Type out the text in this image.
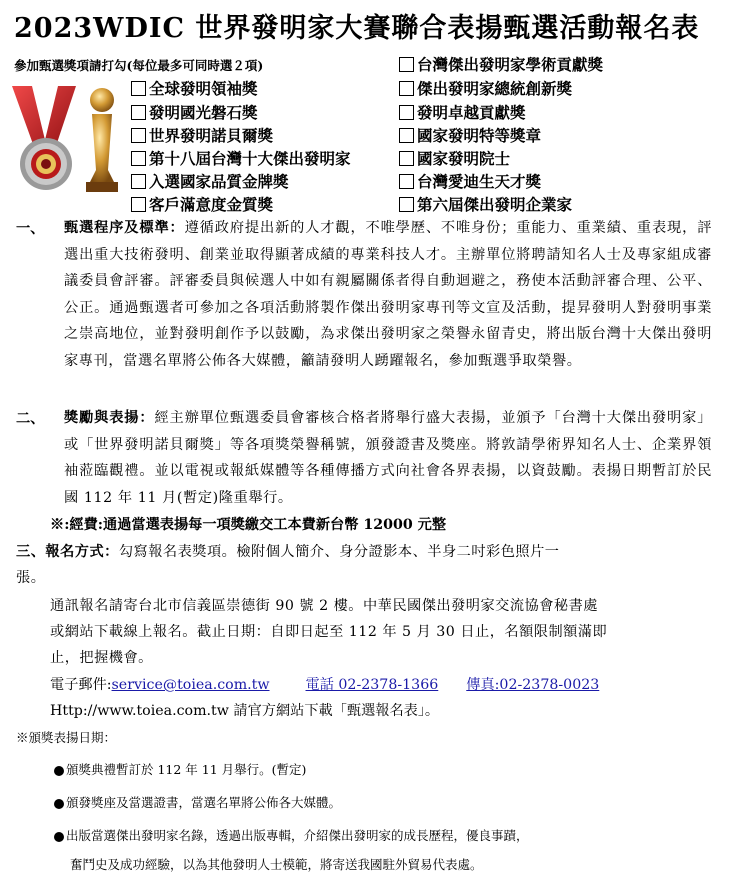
2023WDIC 世界發明家大賽聯合表揚甄選活動報名表
參加甄選獎項請打勾(每位最多可同時選２項)
全球發明領袖獎
發明國光磐石獎
世界發明諾貝爾獎
第十八屆台灣十大傑出發明家
入選國家品質金牌獎
客戶滿意度金質獎
台灣傑出發明家學術貢獻獎
傑出發明家總統創新獎
發明卓越貢獻獎
國家發明特等獎章
國家發明院士
台灣愛迪生天才獎
第六屆傑出發明企業家
一、 甄選程序及標準：遵循政府提出新的人才觀，不唯學歷、不唯身份；重能力、重業績、重表現，評選出重大技術發明、創業並取得顯著成績的專業科技人才。主辦單位將聘請知名人士及專家組成審議委員會評審。評審委員與候選人中如有親屬關係者得自動迴避之，務使本活動評審合理、公平、公正。通過甄選者可參加之各項活動將製作傑出發明家專刊等文宣及活動，提昇發明人對發明事業之崇高地位，並對發明創作予以鼓勵，為求傑出發明家之榮譽永留青史，將出版台灣十大傑出發明家專刊，當選名單將公佈各大媒體，籲請發明人踴躍報名，參加甄選爭取榮譽。
二、 獎勵與表揚：經主辦單位甄選委員會審核合格者將舉行盛大表揚，並頒予「台灣十大傑出發明家」或「世界發明諾貝爾獎」等各項獎榮譽稱號，頒發證書及獎座。將敦請學術界知名人士、企業界領袖蒞臨觀禮。並以電視或報紙媒體等各種傳播方式向社會各界表揚，以資鼓勵。表揚日期暫訂於民國 112 年 11 月(暫定)隆重舉行。
※:經費:通過當選表揚每一項獎繳交工本費新台幣 12000 元整
三、報名方式：勾寫報名表獎項。檢附個人簡介、身分證影本、半身二吋彩色照片一
張。
通訊報名請寄台北市信義區崇德街 90 號 2 樓。中華民國傑出發明家交流協會秘書處
或網站下載線上報名。截止日期：自即日起至 112 年 5 月 30 日止，名額限制額滿即
止，把握機會。
電子郵件:service@toiea.com.tw	電話 02-2378-1366 傳真:02-2378-0023
Http://www.toiea.com.tw 請官方網站下載「甄選報名表」。
※頒獎表揚日期：
頒獎典禮暫訂於 112 年 11 月舉行。(暫定)
頒發獎座及當選證書，當選名單將公佈各大媒體。
出版當選傑出發明家名錄，透過出版專輯，介紹傑出發明家的成長歷程，優良事蹟，
奮鬥史及成功經驗，以為其他發明人士模範，將寄送我國駐外貿易代表處。
